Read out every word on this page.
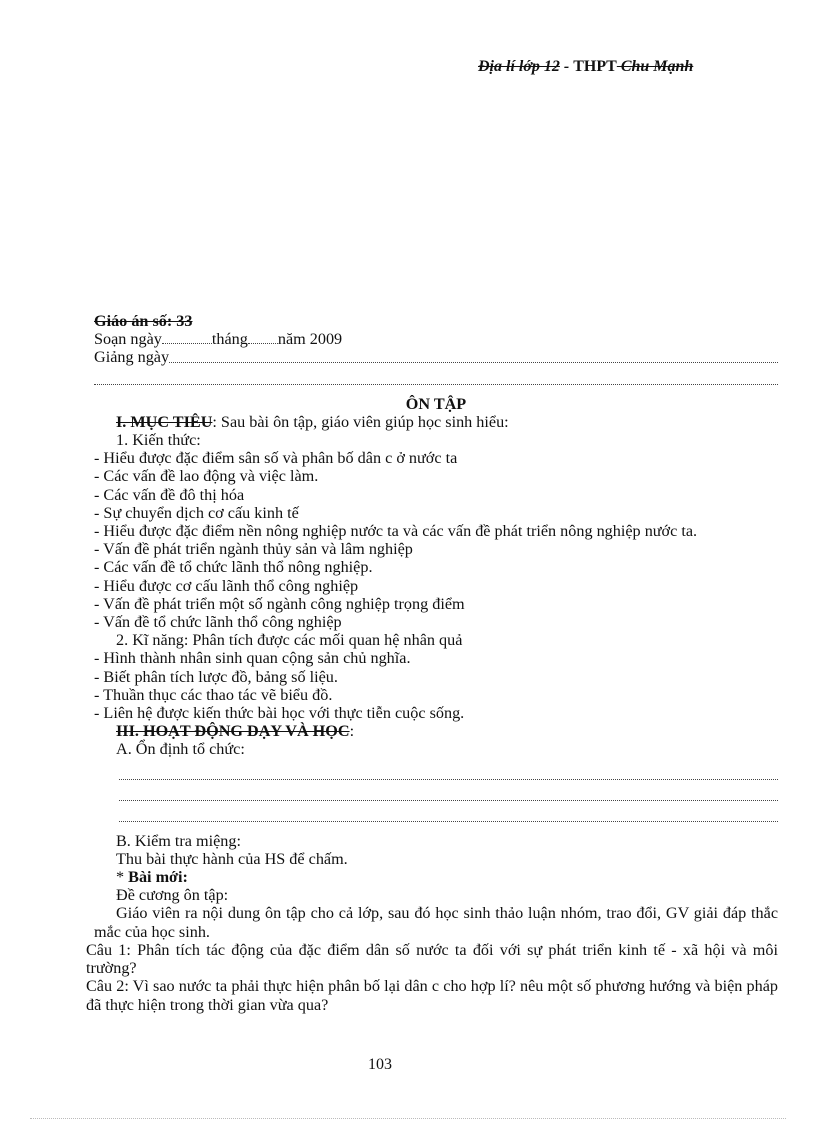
Địa lí lớp 12 - THPT Chu Mạnh
Giáo án số: 33
Soạn ngày	tháng năm 2009
Giảng ngày
ÔN TẬP
I. MỤC TIÊU: Sau bài ôn tập, giáo viên giúp học sinh hiểu:
1. Kiến thức:
- Hiểu được đặc điểm sân số và phân bố dân c ở nước ta
- Các vấn đề lao động và việc làm.
- Các vấn đề đô thị hóa
- Sự chuyển dịch cơ cấu kinh tế
- Hiểu được đặc điểm nền nông nghiệp nước ta và các vấn đề phát triển nông nghiệp nước ta.
- Vấn đề phát triển ngành thủy sản và lâm nghiệp
- Các vấn đề tổ chức lãnh thổ nông nghiệp.
- Hiểu được cơ cấu lãnh thổ công nghiệp
- Vấn đề phát triển một số ngành công nghiệp trọng điểm
- Vấn đề tổ chức lãnh thổ công nghiệp
2. Kĩ năng: Phân tích được các mối quan hệ nhân quả
- Hình thành nhân sinh quan cộng sản chủ nghĩa.
- Biết phân tích lược đồ, bảng số liệu.
- Thuần thục các thao tác vẽ biểu đồ.
- Liên hệ được kiến thức bài học với thực tiễn cuộc sống.
III. HOẠT ĐỘNG DẠY VÀ HỌC:
A. Ổn định tổ chức:
B. Kiểm tra miệng:
Thu bài thực hành của HS để chấm.
* Bài mới:
Đề cương ôn tập:
Giáo viên ra nội dung ôn tập cho cả lớp, sau đó học sinh thảo luận nhóm, trao đổi, GV giải đáp thắc mắc của học sinh.
Câu 1: Phân tích tác động của đặc điểm dân số nước ta đối với sự phát triển kinh tế - xã hội và môi trường?
Câu 2: Vì sao nước ta phải thực hiện phân bố lại dân c cho hợp lí? nêu một số phương hướng và biện pháp đã thực hiện trong thời gian vừa qua?
103
